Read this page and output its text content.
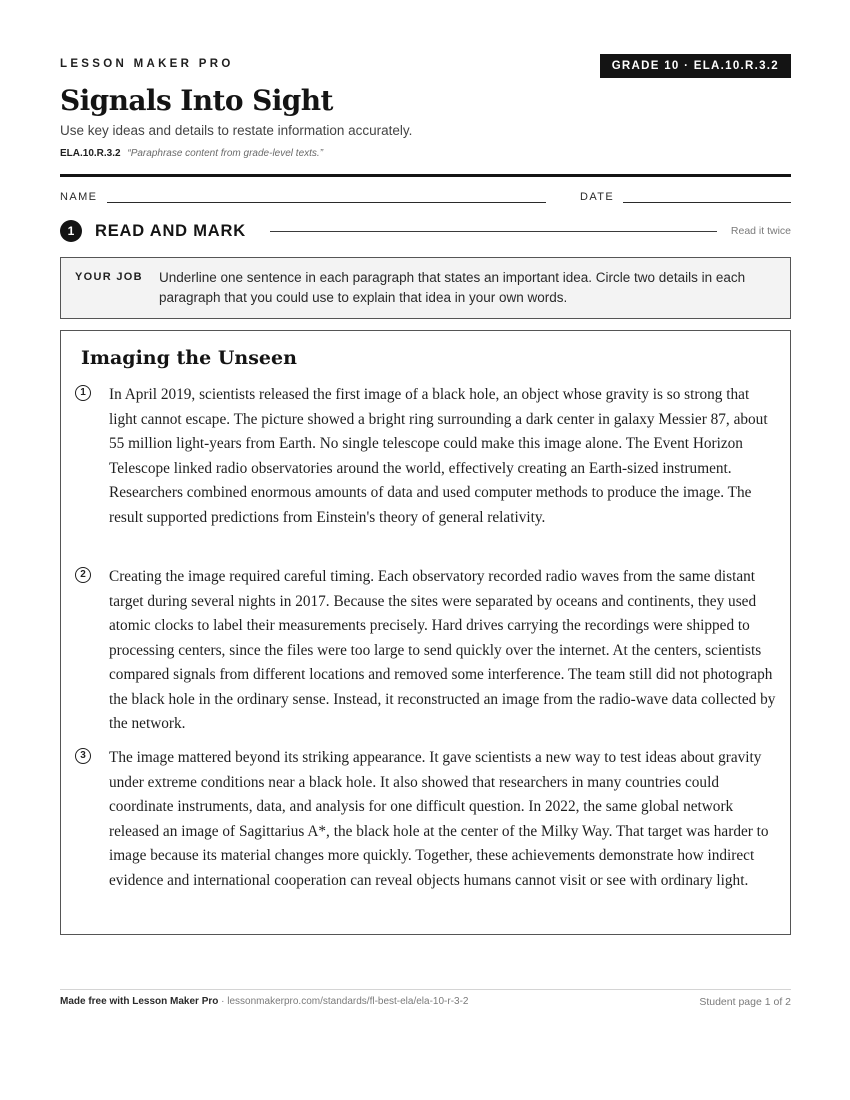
LESSON MAKER PRO	GRADE 10 · ELA.10.R.3.2
Signals Into Sight
Use key ideas and details to restate information accurately.
ELA.10.R.3.2 “Paraphrase content from grade-level texts.”
NAME	DATE
1	READ AND MARK	Read it twice
YOUR JOB Underline one sentence in each paragraph that states an important idea. Circle two details in each paragraph that you could use to explain that idea in your own words.
Imaging the Unseen
1	In April 2019, scientists released the first image of a black hole, an object whose gravity is so strong that light cannot escape. The picture showed a bright ring surrounding a dark center in galaxy Messier 87, about 55 million light-years from Earth. No single telescope could make this image alone. The Event Horizon Telescope linked radio observatories around the world, effectively creating an Earth-sized instrument. Researchers combined enormous amounts of data and used computer methods to produce the image. The result supported predictions from Einstein's theory of general relativity.

2	Creating the image required careful timing. Each observatory recorded radio waves from the same distant target during several nights in 2017. Because the sites were separated by oceans and continents, they used atomic clocks to label their measurements precisely. Hard drives carrying the recordings were shipped to processing centers, since the files were too large to send quickly over the internet. At the centers, scientists compared signals from different locations and removed some interference. The team still did not photograph the black hole in the ordinary sense. Instead, it reconstructed an image from the radio-wave data collected by the network.

3	The image mattered beyond its striking appearance. It gave scientists a new way to test ideas about gravity under extreme conditions near a black hole. It also showed that researchers in many countries could coordinate instruments, data, and analysis for one difficult question. In 2022, the same global network released an image of Sagittarius A*, the black hole at the center of the Milky Way. That target was harder to image because its material changes more quickly. Together, these achievements demonstrate how indirect evidence and international cooperation can reveal objects humans cannot visit or see with ordinary light.

Made free with Lesson Maker Pro · lessonmakerpro.com/standards/fl-best-ela/ela-10-r-3-2	Student page 1 of 2
